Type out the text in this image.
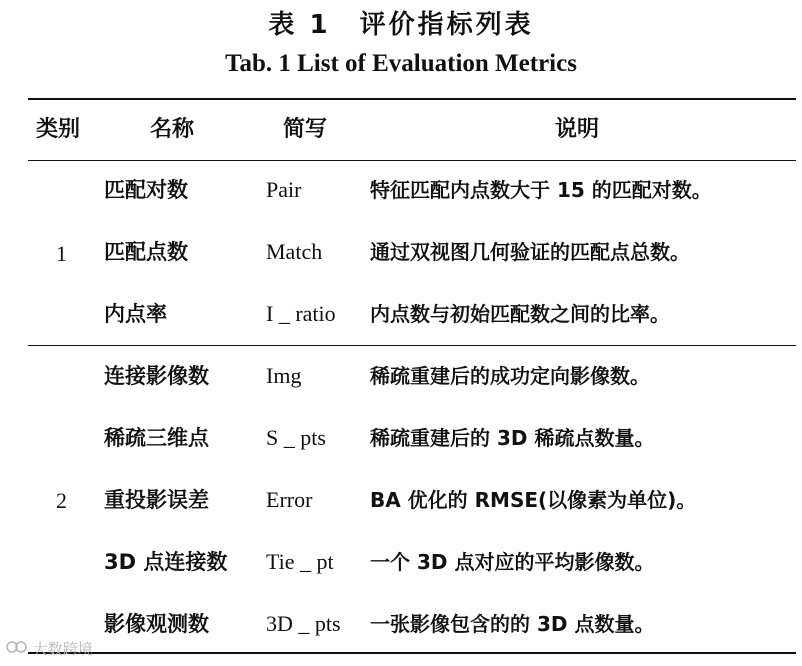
表 1　评价指标列表
Tab. 1 List of Evaluation Metrics
类别	名称	简写	说明
1
匹配对数	Pair	特征匹配内点数大于 15 的匹配对数。
匹配点数	Match 通过双视图几何验证的匹配点总数。
内点率	I _ ratio 内点数与初始匹配数之间的比率。
2
连接影像数	Img	稀疏重建后的成功定向影像数。
稀疏三维点	S _ pts 稀疏重建后的 3D 稀疏点数量。
重投影误差	Error	BA 优化的 RMSE(以像素为单位)。
3D 点连接数 Tie _ pt 一个 3D 点对应的平均影像数。
影像观测数	3D _ pts 一张影像包含的的 3D 点数量。
大数跨境
